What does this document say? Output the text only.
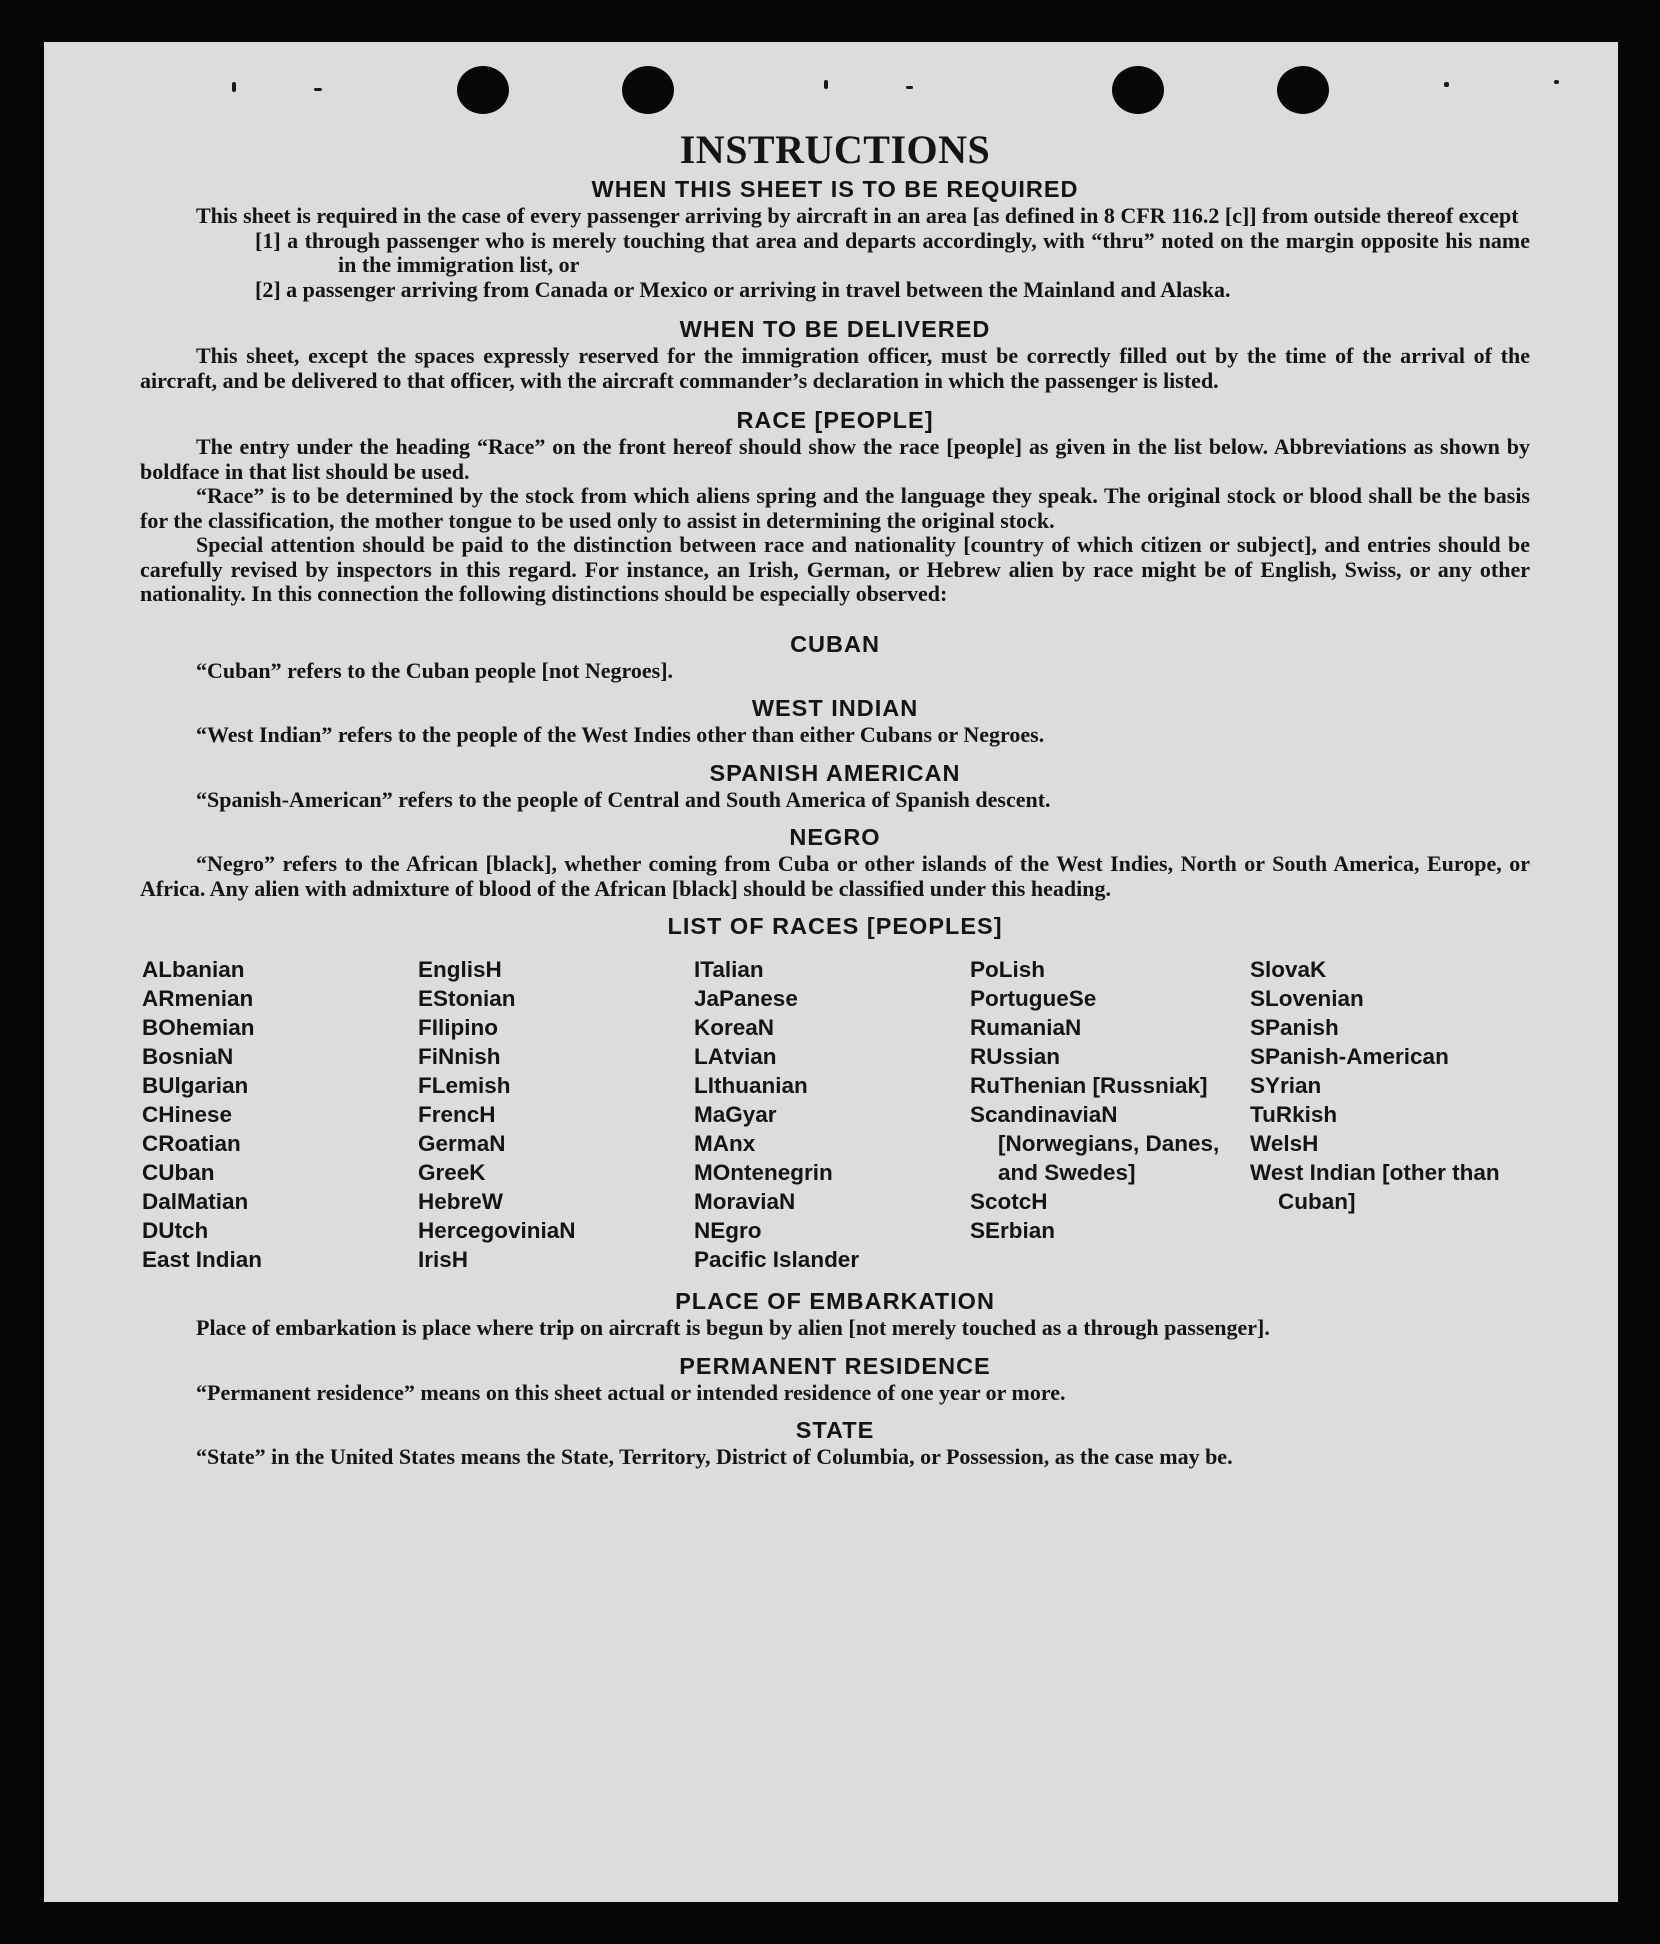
INSTRUCTIONS
WHEN THIS SHEET IS TO BE REQUIRED

This sheet is required in the case of every passenger arriving by aircraft in an area [as defined in 8 CFR 116.2 [c]] from outside thereof except

[1] a through passenger who is merely touching that area and departs accordingly, with “thru” noted on the margin opposite his name in the immigration list, or
[2] a passenger arriving from Canada or Mexico or arriving in travel between the Mainland and Alaska.
WHEN TO BE DELIVERED

This sheet, except the spaces expressly reserved for the immigration officer, must be correctly filled out by the time of the arrival of the aircraft, and be delivered to that officer, with the aircraft commander’s declaration in which the passenger is listed.

RACE [PEOPLE]

The entry under the heading “Race” on the front hereof should show the race [people] as given in the list below. Abbreviations as shown by boldface in that list should be used.

“Race” is to be determined by the stock from which aliens spring and the language they speak. The original stock or blood shall be the basis for the classification, the mother tongue to be used only to assist in determining the original stock.

Special attention should be paid to the distinction between race and nationality [country of which citizen or subject], and entries should be carefully revised by inspectors in this regard. For instance, an Irish, German, or Hebrew alien by race might be of English, Swiss, or any other nationality. In this connection the following distinctions should be especially observed:

CUBAN

“Cuban” refers to the Cuban people [not Negroes].

WEST INDIAN

“West Indian” refers to the people of the West Indies other than either Cubans or Negroes.

SPANISH AMERICAN

“Spanish-American” refers to the people of Central and South America of Spanish descent.

NEGRO

“Negro” refers to the African [black], whether coming from Cuba or other islands of the West Indies, North or South America, Europe, or Africa. Any alien with admixture of blood of the African [black] should be classified under this heading.

LIST OF RACES [PEOPLES]
ALbanian
ARmenian
BOhemian
BosniaN
BUlgarian
CHinese
CRoatian
CUban
DalMatian
DUtch
East Indian
EnglisH
EStonian
FIlipino
FiNnish
FLemish
FrencH
GermaN
GreeK
HebreW
HercegoviniaN
IrisH
ITalian
JaPanese
KoreaN
LAtvian
LIthuanian
MaGyar
MAnx
MOntenegrin
MoraviaN
NEgro
Pacific Islander
PoLish
PortugueSe
RumaniaN
RUssian
RuThenian [Russniak]
ScandinaviaN [Norwegians, Danes, and Swedes]
ScotcH
SErbian
SlovaK
SLovenian
SPanish
SPanish-American
SYrian
TuRkish
WelsH
West Indian [other than Cuban]
PLACE OF EMBARKATION

Place of embarkation is place where trip on aircraft is begun by alien [not merely touched as a through passenger].

PERMANENT RESIDENCE

“Permanent residence” means on this sheet actual or intended residence of one year or more.

STATE

“State” in the United States means the State, Territory, District of Columbia, or Possession, as the case may be.
